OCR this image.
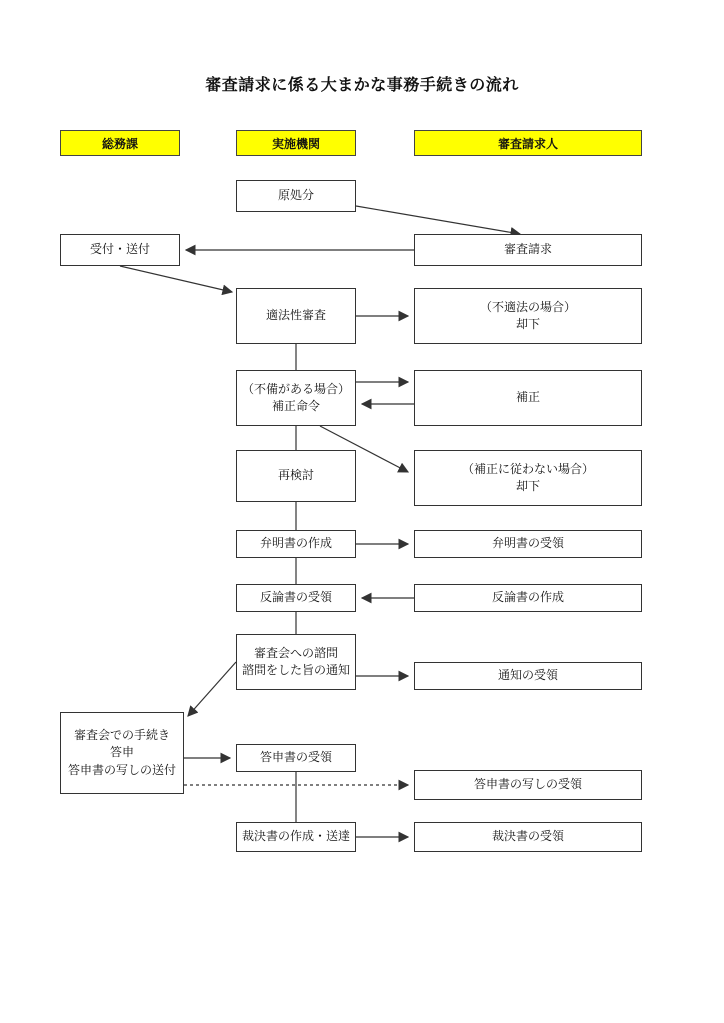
審査請求に係る大まかな事務手続きの流れ
総務課	実施機関	審査請求人
原処分
審査請求
受付・送付
適法性審査
（不適法の場合）
却下
（不備がある場合）
補正命令
補正
再検討	（補正に従わない場合）
却下
弁明書の作成	弁明書の受領
反論書の受領	反論書の作成
審査会への諮問
諮問をした旨の通知	通知の受領
審査会での手続き
答申
答申書の写しの送付
答申書の受領
答申書の写しの受領
裁決書の作成・送達	裁決書の受領
